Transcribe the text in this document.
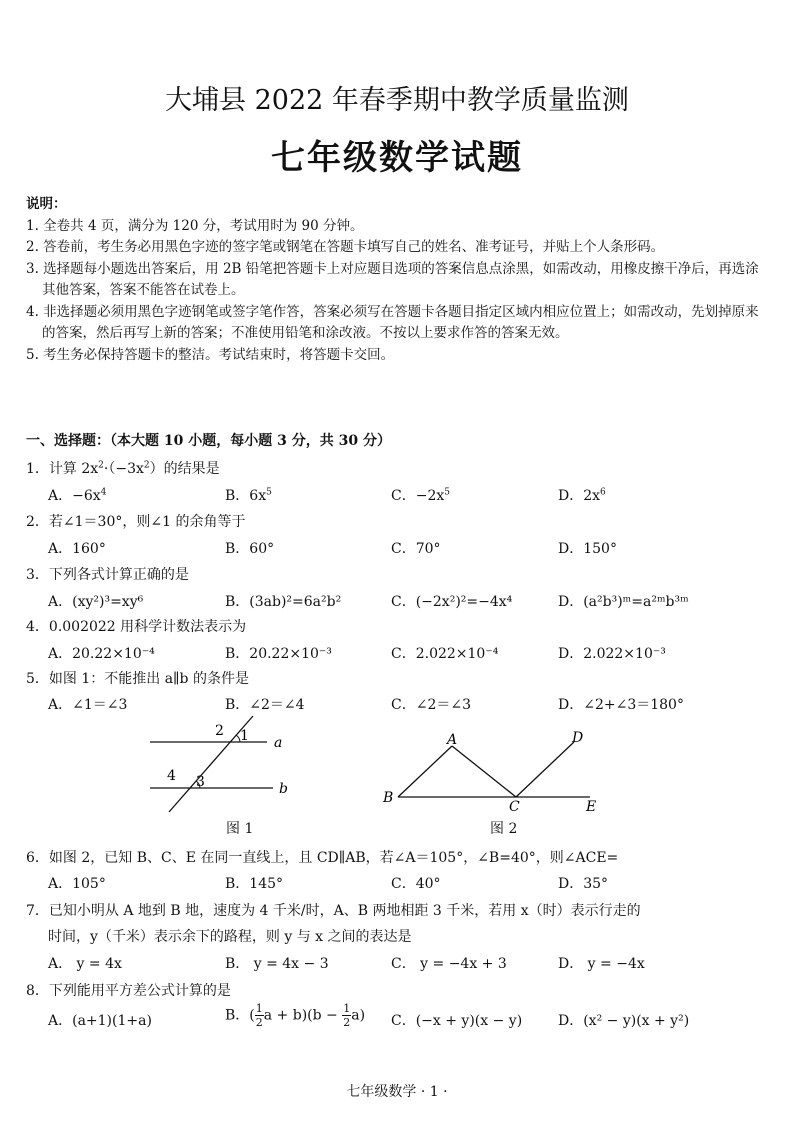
大埔县 2022 年春季期中教学质量监测
七年级数学试题
说明：
1. 全卷共 4 页，满分为 120 分，考试用时为 90 分钟。
2. 答卷前，考生务必用黑色字迹的签字笔或钢笔在答题卡填写自己的姓名、准考证号，并贴上个人条形码。
3. 选择题每小题选出答案后，用 2B 铅笔把答题卡上对应题目选项的答案信息点涂黑，如需改动，用橡皮擦干净后，再选涂其他答案，答案不能答在试卷上。
4. 非选择题必须用黑色字迹钢笔或签字笔作答，答案必须写在答题卡各题目指定区域内相应位置上；如需改动，先划掉原来的答案，然后再写上新的答案；不准使用铅笔和涂改液。不按以上要求作答的答案无效。
5. 考生务必保持答题卡的整洁。考试结束时，将答题卡交回。
一、选择题：（本大题 10 小题，每小题 3 分，共 30 分）
1．计算 $2x^2\cdot(-3x^2)$的结果是
A．$-6x^4$	B．$6x^5$	C．$-2x^5$	D．$2x^6$
2．若∠1＝30°，则∠1 的余角等于
A．160°	B．60°	C．70°	D．150°
3．下列各式计算正确的是
A．(xy²)³=xy⁶	B．(3ab)²=6a²b²	C．(−2x²)²=−4x⁴	D．(a²b³)ᵐ=a²ᵐb³ᵐ
4．0.002022 用科学计数法表示为
A．20.22×10⁻⁴	B．20.22×10⁻³	C．2.022×10⁻⁴	D．2.022×10⁻³
5．如图 1：不能推出 a∥b 的条件是
A．∠1＝∠3	B．∠2＝∠4	C．∠2＝∠3	D．∠2+∠3＝180°
2 1 a
4 3	b
图 1
A	D
B
C	E
图 2
6．如图 2，已知 B、C、E 在同一直线上，且 CD∥AB，若∠A＝105°，∠B=40°，则∠ACE=
A．105°	B．145°	C．40°	D．35°
7．已知小明从 A 地到 B 地，速度为 4 千米/时，A、B 两地相距 3 千米，若用 x（时）表示行走的
时间，y（千米）表示余下的路程，则 y 与 x 之间的表达是
A． y = 4x	B． y = 4x − 3	C． y = −4x + 3	D． y = −4x
8．下列能用平方差公式计算的是
A．(a+1)(1+a)	B．( $\frac{1}{2}$ $a + b)(b - \frac{1}{2} a)$ C．(−x + y)(x − y)	D．(x² − y)(x + y²)
七年级数学 · 1 ·
